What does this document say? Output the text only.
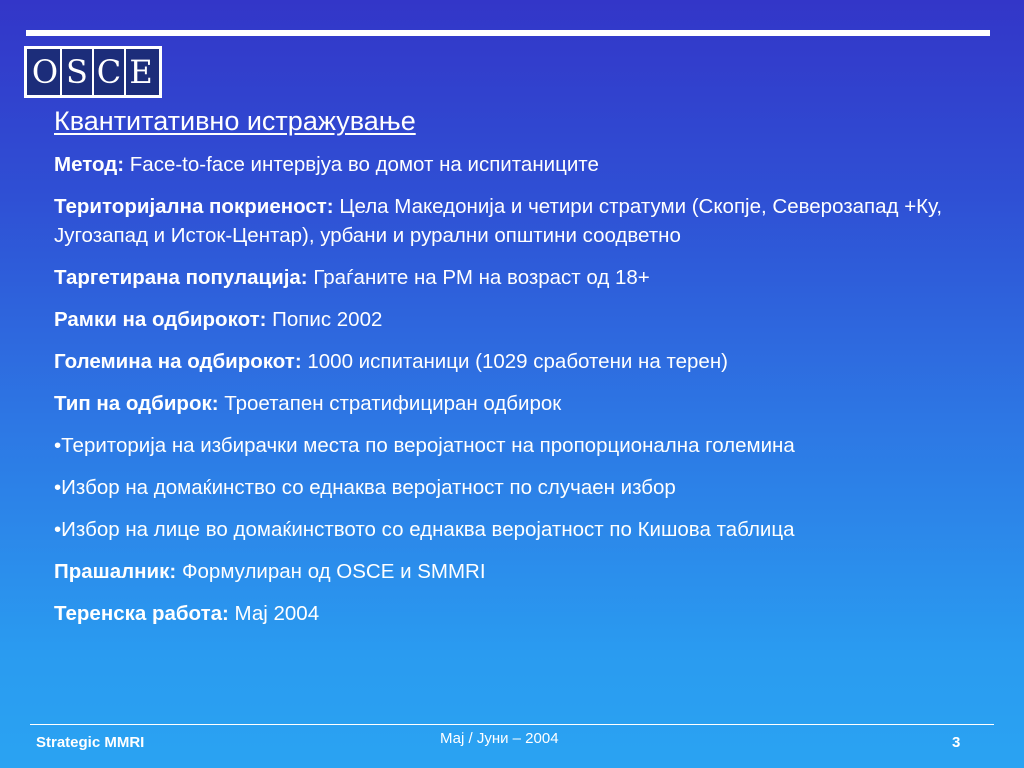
O S C E
Квантитативно истражување
Метод: Face-to-face интервјуа во домот на испитаниците
Територијална покриеност: Цела Македонија и четири стратуми (Скопје, Северозапад +Ку, Југозапад и Исток-Центар), урбани и рурални општини соодветно
Таргетирана популација: Граѓаните на РМ на возраст од 18+
Рамки на одбирокот: Попис 2002
Големина на одбирокот: 1000 испитаници (1029 сработени на терен)
Тип на одбирок: Троетапен стратифициран одбирок
•Територија на избирачки места по веројатност на пропорционална големина
•Избор на домаќинство со еднаква веројатност по случаен избор
•Избор на лице во домаќинството со еднаква веројатност по Кишова таблица
Прашалник: Формулиран од OSCE и SMMRI
Теренска работа: Мај 2004
Strategic MMRI	Мај / Јуни – 2004	3
